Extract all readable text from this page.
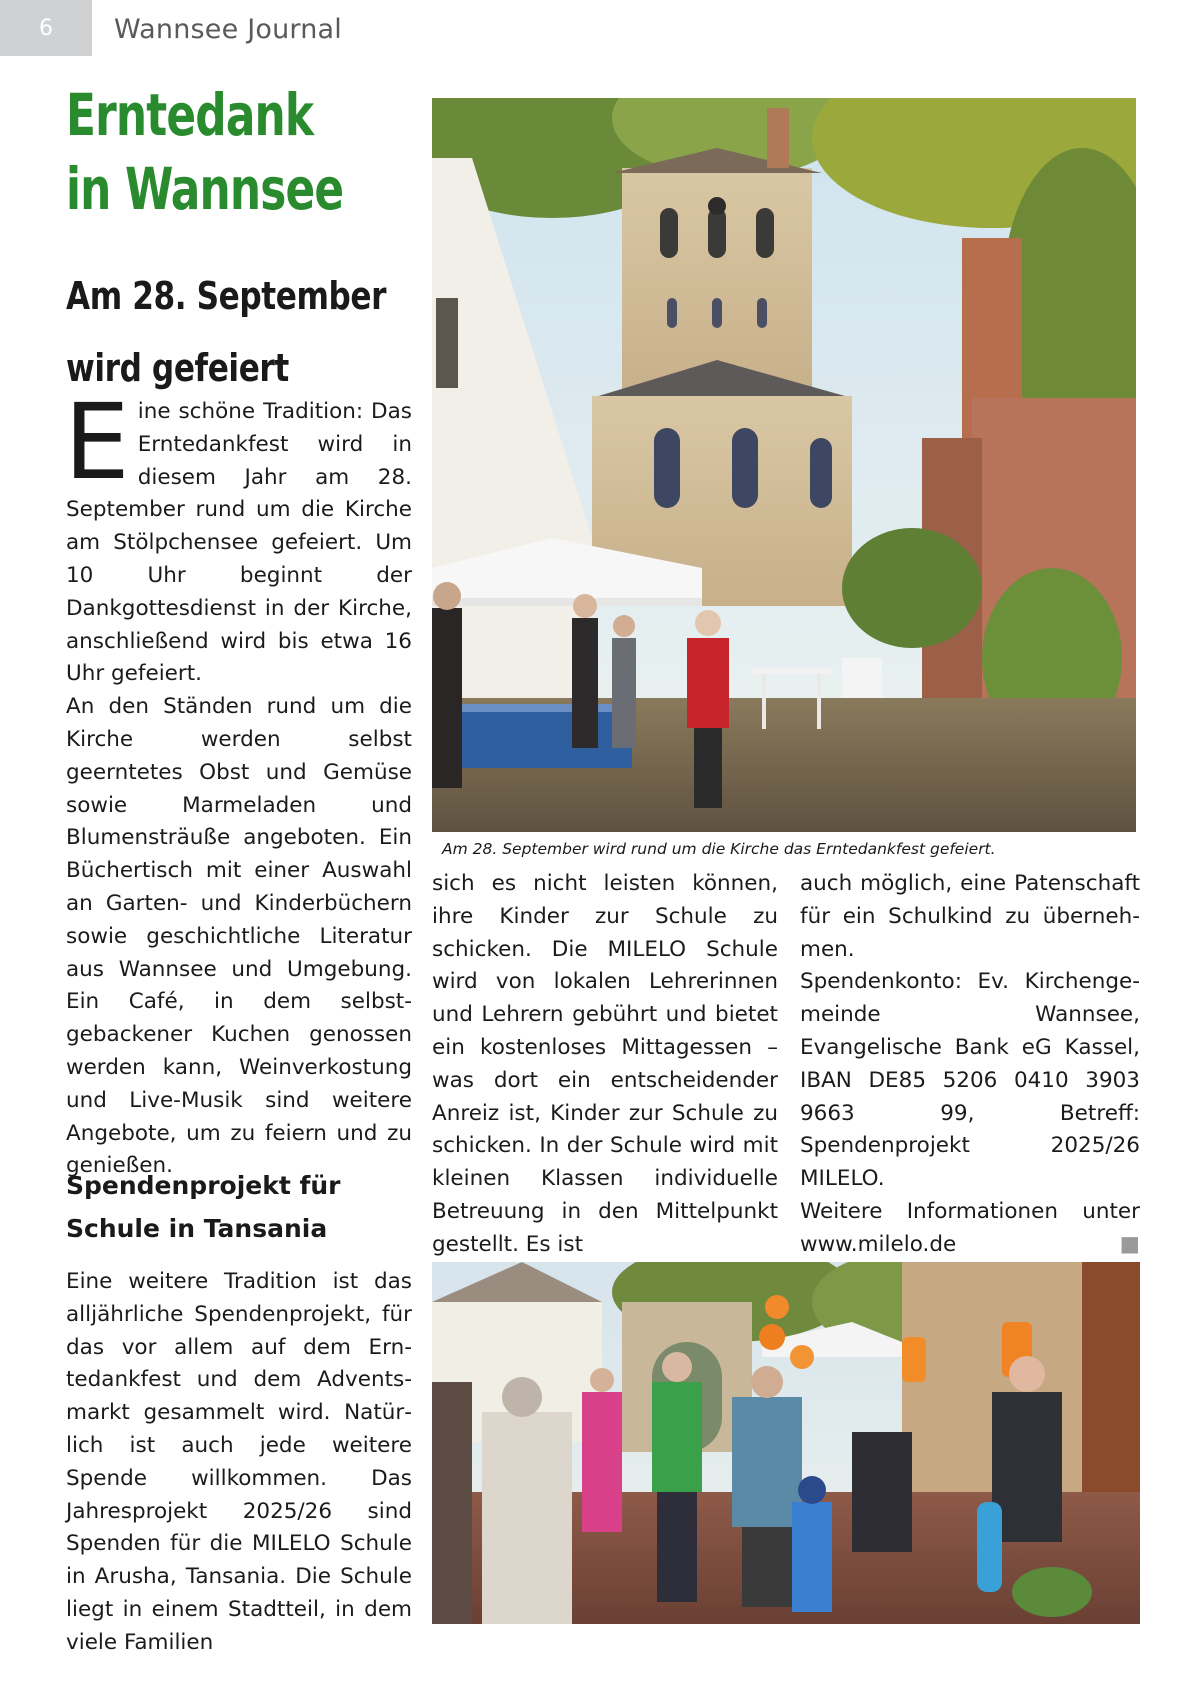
6 Wannsee Journal
Erntedank
in Wannsee
Am 28. September
wird gefeiert
E ine schöne Tradition: Das Erntedankfest wird in diesem Jahr am 28. September rund um die Kirche am Stölpchensee gefeiert. Um 10 Uhr beginnt der Dankgottesdienst in der Kirche, anschließend wird bis etwa 16 Uhr gefeiert.

An den Ständen rund um die Kirche werden selbst geerntetes Obst und Gemüse sowie Marmeladen und Blumensträuße angeboten. Ein Büchertisch mit einer Auswahl an Garten- und Kinderbüchern sowie geschichtliche Literatur aus Wannsee und Umgebung. Ein Café, in dem selbstgebackener Kuchen genossen werden kann, Weinverkostung und Live-Musik sind weitere Angebote, um zu feiern und zu genießen.

Spendenprojekt für
Schule in Tansania

Eine weitere Tradition ist das alljährliche Spendenprojekt, für das vor allem auf dem Erntedankfest und dem Adventsmarkt gesammelt wird. Natürlich ist auch jede weitere Spende willkommen. Das Jahresprojekt 2025/26 sind Spenden für die MILELO Schule in Arusha, Tansania. Die Schule liegt in einem Stadtteil, in dem viele Familien

Am 28. September wird rund um die Kirche das Erntedankfest gefeiert.

sich es nicht leisten können, ihre Kinder zur Schule zu schicken. Die MILELO Schule wird von lokalen Lehrerinnen und Lehrern gebührt und bietet ein kostenloses Mittagessen – was dort ein entscheidender Anreiz ist, Kinder zur Schule zu schicken. In der Schule wird mit kleinen Klassen individuelle Betreuung in den Mittelpunkt gestellt. Es ist

auch möglich, eine Patenschaft für ein Schulkind zu übernehmen.

Spendenkonto: Ev. Kirchengemeinde Wannsee, Evangelische Bank eG Kassel, IBAN DE85 5206 0410 3903 9663 99, Betreff: Spendenprojekt 2025/26 MILELO.

Weitere Informationen unter www.milelo.de	■
